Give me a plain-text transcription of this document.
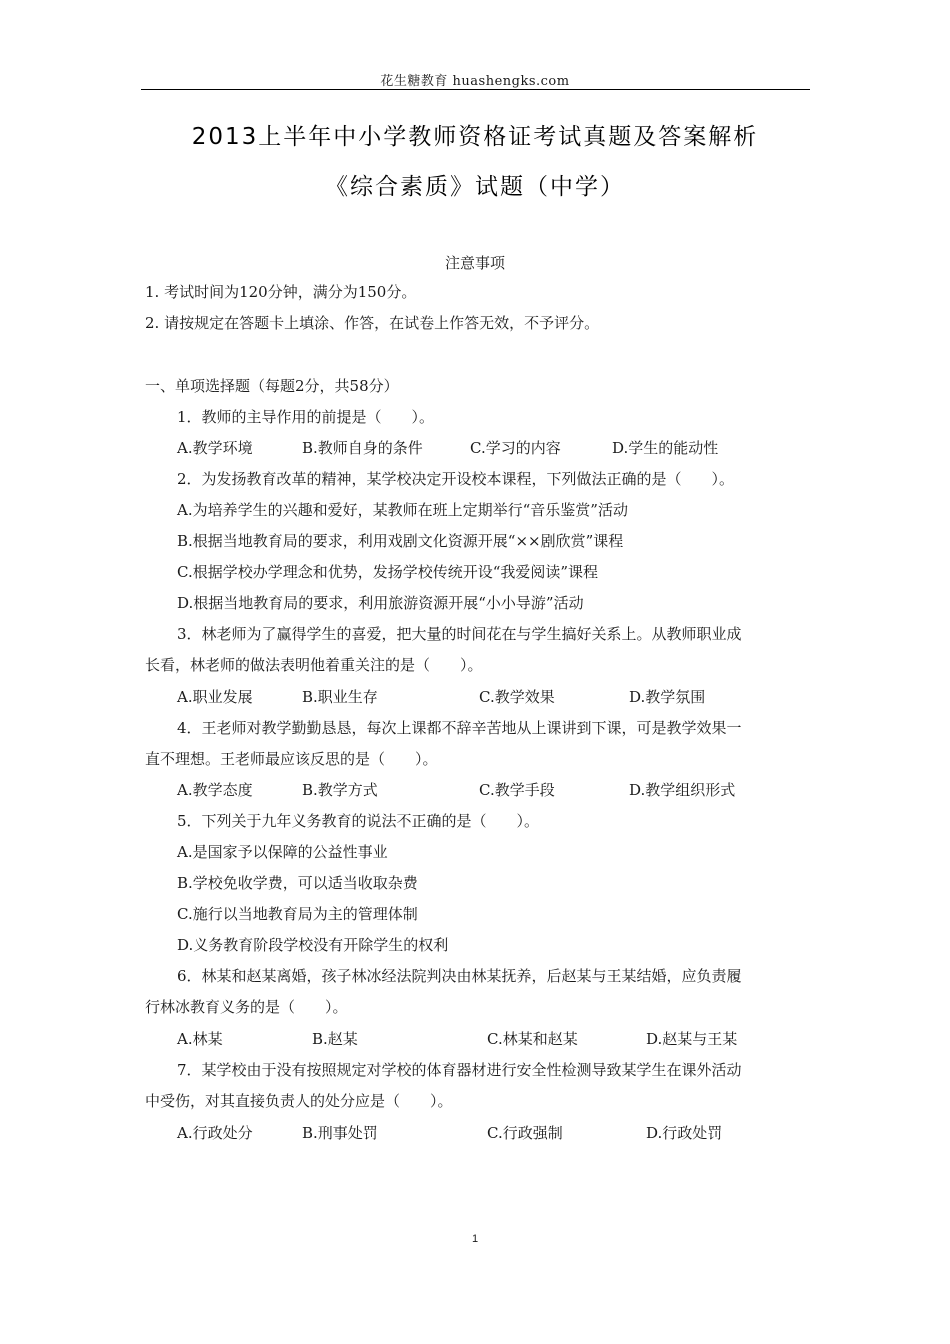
花生糖教育 huashengks.com
2013上半年中小学教师资格证考试真题及答案解析
《综合素质》试题（中学）
注意事项
1. 考试时间为120分钟，满分为150分。
2. 请按规定在答题卡上填涂、作答，在试卷上作答无效，不予评分。
一、单项选择题（每题2分，共58分）
1．教师的主导作用的前提是（　　）。
A.教学环境	B.教师自身的条件	C.学习的内容	D.学生的能动性
2．为发扬教育改革的精神，某学校决定开设校本课程，下列做法正确的是（　　）。
A.为培养学生的兴趣和爱好，某教师在班上定期举行“音乐鉴赏”活动
B.根据当地教育局的要求，利用戏剧文化资源开展“××剧欣赏”课程
C.根据学校办学理念和优势，发扬学校传统开设“我爱阅读”课程
D.根据当地教育局的要求，利用旅游资源开展“小小导游”活动
3．林老师为了赢得学生的喜爱，把大量的时间花在与学生搞好关系上。从教师职业成
长看，林老师的做法表明他着重关注的是（　　）。
A.职业发展	B.职业生存	C.教学效果	D.教学氛围
4．王老师对教学勤勤恳恳，每次上课都不辞辛苦地从上课讲到下课，可是教学效果一
直不理想。王老师最应该反思的是（　　）。
A.教学态度	B.教学方式	C.教学手段	D.教学组织形式
5．下列关于九年义务教育的说法不正确的是（　　）。
A.是国家予以保障的公益性事业
B.学校免收学费，可以适当收取杂费
C.施行以当地教育局为主的管理体制
D.义务教育阶段学校没有开除学生的权利
6．林某和赵某离婚，孩子林冰经法院判决由林某抚养，后赵某与王某结婚，应负责履
行林冰教育义务的是（　　）。
A.林某	B.赵某	C.林某和赵某	D.赵某与王某
7．某学校由于没有按照规定对学校的体育器材进行安全性检测导致某学生在课外活动
中受伤，对其直接负责人的处分应是（　　）。
A.行政处分	B.刑事处罚	C.行政强制	D.行政处罚
1
